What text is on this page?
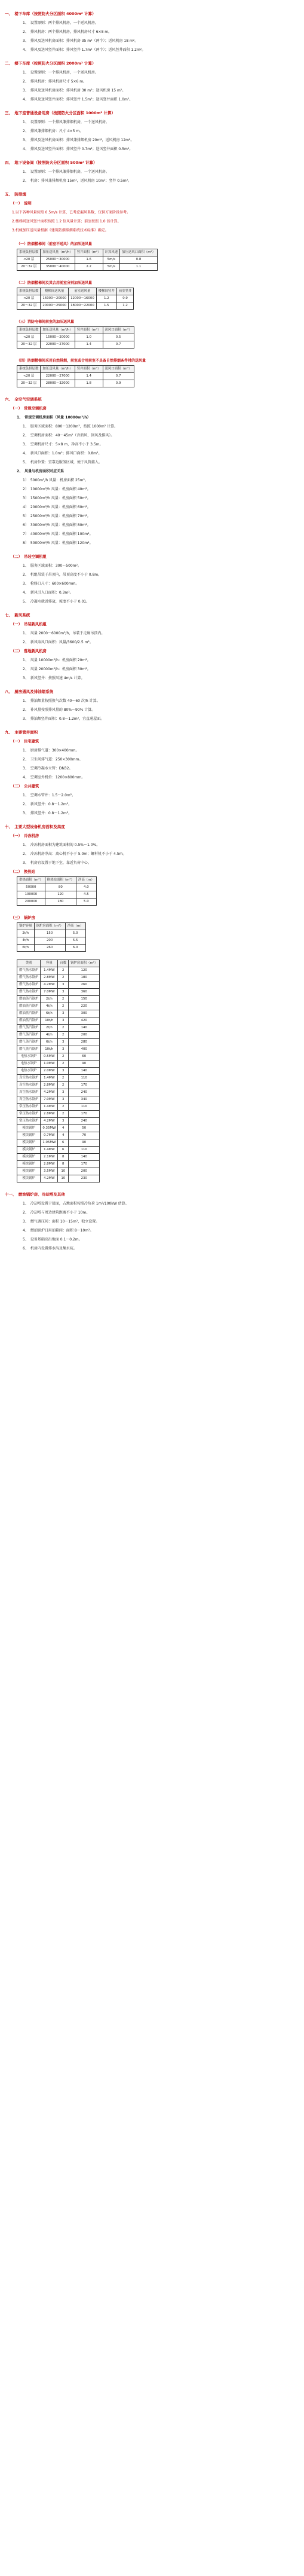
一、　楼下车库（按照防火分区面积 4000m² 计算）
1、　设置原则：两个排风机房，一个送风机房。
2、　排风机房：两个排风机房，排风机房尺寸 6×8 m。
3、　排风及送风机房面积：排风机房 35 m²（两个）；送风机房 18 m²。
4、　排风及送风竖井面积：排风竖井 1.7m²（两个）；送风竖井面积 1.2m²。
二、　楼下车库（按照防火分区面积 2000m² 计算）
1、　设置原则：一个排风机房，一个送风机房。
2、　排风机房：排风机房尺寸 5×6 m。
3、　排风及送风机房面积：排风机房 30 m²；送风机房 15 m²。
4、　排风及送风竖井面积：排风竖井 1.5m²；送风竖井面积 1.0m²。
三、　地下室普通设备用房（按照防火分区面积 1000m² 计算）
1、　设置原则：一个排风兼排烟机房，一个送风机房。
2、　排风兼排烟机房：尺寸 4×5 m。
3、　排风及送风机房面积：排风兼排烟机房 20m²，送风机房 12m²。
4、　排风及送风竖井面积：排风竖井 0.7m²；送风竖井面积 0.5m²。
四、　地下设备间（按照防火分区面积 500m² 计算）
1、　设置原则：一个排风兼排烟机房，一个送风机房。
2、　机房：排风兼排烟机房 15m²，送风机房 10m²；竖井 0.5m²。
五、　防排烟
（一）　说明
1.以下各种风量按照 0.5m/s 计算，已考虑漏风系数，仅供方案阶段参考。
2.楼梯间送风竖井面积按照 1.2 倍风量计算；前室按照 1.0 倍计算。
3.机械加压送风量根据《建筑防烟排烟系统技术标准》确定。
（一）防烟楼梯间（前室不送风）的加压送风量
系统负担层数	加压送风量（m³/h）	竖井面积（m²）	计算风速	加压送风口面积（m²）
<20 层	25000～30000	1.6	5m/s	0.8
20～32 层	35000～40000	2.2	5m/s	1.1
（二）防烟楼梯间及其合用前室分别加压送风量
系统负担层数	楼梯间送风量	前室送风量	楼梯间竖井	前室竖井
<20 层	16000～20000	12000～16000	1.2	0.9
20～32 层	20000～25000	18000～22000	1.5	1.2
（三）消防电梯间前室的加压送风量
系统负担层数	加压送风量（m³/h）	竖井面积（m²）	送风口面积（m²）
<20 层	15000～20000	1.0	0.5
20～32 层	22000～27000	1.4	0.7
（四）防烟楼梯间采用自然排烟，前室或合用前室不具备自然排烟条件时的送风量
系统负担层数	加压送风量（m³/h）	竖井面积（m²）	送风口面积（m²）
<20 层	22000～27000	1.4	0.7
20～32 层	28000～32000	1.8	0.9
六、　全空气空调系统
（一）　常规空调机房
1、　常规空调机房面积（风量 10000m³/h）
1、　服务区域面积：800～1200m²，按照 1000m² 计算。
2、　空调机房面积：40～45m²（含新风、回风及排风）。
3、　空调机房尺寸：5×8 m，净高不小于 3.5m。
4、　新风口面积：1.0m²；排风口面积：0.8m²。
5、　机房位置：宜靠近服务区域，便于风管接入。
2、　风量与机房面积对应关系
1）　5000m³/h 风量：机房面积 25m²。
2）　10000m³/h 风量：机房面积 40m²。
3）　15000m³/h 风量：机房面积 50m²。
4）　20000m³/h 风量：机房面积 60m²。
5）　25000m³/h 风量：机房面积 70m²。
6）　30000m³/h 风量：机房面积 80m²。
7）　40000m³/h 风量：机房面积 100m²。
8）　50000m³/h 风量：机房面积 120m²。
（二）　吊装空调机组
1、　服务区域面积：300～500m²。
2、　机组吊装于吊顶内，吊顶高度不小于 0.8m。
3、　检修口尺寸：600×600mm。
4、　新风引入口面积：0.3m²。
5、　冷凝水就近排放，坡度不小于 0.01。
七、　新风系统
（一）　吊装新风机组
1、　风量 2000～6000m³/h，吊装于走廊吊顶内。
2、　新风取风口面积：风量/3600/2.5 m²。
（二）　落地新风机房
1、　风量 10000m³/h：机房面积 20m²。
2、　风量 20000m³/h：机房面积 30m²。
3、　新风竖井：按照风速 4m/s 计算。
八、　厨房通风及排油烟系统
1、　排油烟量按照换气次数 40～60 次/h 计算。
2、　补风量按照排风量的 80%～90% 计算。
3、　排油烟竖井面积：0.8～1.2m²，宜直通屋面。
九、　主要管井面积
（一）　住宅建筑
1、　厨房排气道：300×400mm。
2、　卫生间排气道：250×300mm。
3、　空调冷凝水立管：DN32。
4、　空调室外机位：1200×800mm。
（二）　公共建筑
1、　空调水管井：1.5～2.0m²。
2、　新风竖井：0.8～1.2m²。
3、　排风竖井：0.8～1.2m²。
十、　主要大型设备机房面积及高度
（一）　冷冻机房
1、　冷冻机房面积为建筑面积的 0.5%～1.0%。
2、　冷冻机房净高：离心机不小于 5.0m；螺杆机不小于 4.5m。
3、　机房宜设置于地下室，靠近负荷中心。
（二）　换热站
供热面积（m²）	换热站面积（m²）	净高（m）
50000	80	4.0
100000	120	4.5
200000	180	5.0
（三）　锅炉房
锅炉容量	锅炉房面积（m²）	净高（m）
2t/h	150	5.0
4t/h	200	5.5
6t/h	260	6.0
类别	容量	台数	锅炉房面积（m²）
燃气热水锅炉	1.4MW	2	120
燃气热水锅炉	2.8MW	2	180
燃气热水锅炉	4.2MW	3	260
燃气热水锅炉	7.0MW	3	360
燃油蒸汽锅炉	2t/h	2	150
燃油蒸汽锅炉	4t/h	2	220
燃油蒸汽锅炉	6t/h	3	300
燃油蒸汽锅炉	10t/h	3	420
燃气蒸汽锅炉	2t/h	2	140
燃气蒸汽锅炉	4t/h	2	200
燃气蒸汽锅炉	6t/h	3	280
燃气蒸汽锅炉	10t/h	3	400
电热水锅炉	0.5MW	2	60
电热水锅炉	1.0MW	2	90
电热水锅炉	2.0MW	3	140
真空热水锅炉	1.4MW	2	110
真空热水锅炉	2.8MW	2	170
真空热水锅炉	4.2MW	3	240
真空热水锅炉	7.0MW	3	340
常压热水锅炉	1.4MW	2	110
常压热水锅炉	2.8MW	2	170
常压热水锅炉	4.2MW	3	240
模块锅炉	0.35MW	4	50
模块锅炉	0.7MW	4	70
模块锅炉	1.05MW	6	90
模块锅炉	1.4MW	6	110
模块锅炉	2.1MW	8	140
模块锅炉	2.8MW	8	170
模块锅炉	3.5MW	10	200
模块锅炉	4.2MW	10	230
十一、　燃油锅炉房、冷却塔及其他
1、　冷却塔设置于屋面，占地面积按照冷负荷 1m²/100kW 估算。
2、　冷却塔与周边建筑距离不小于 10m。
3、　燃气调压间：面积 10～15m²，独立设置。
4、　燃油锅炉日用油箱间：面积 8～10m²。
5、　设备基础高出地面 0.1～0.2m。
6、　机房内设置排水沟及集水坑。
